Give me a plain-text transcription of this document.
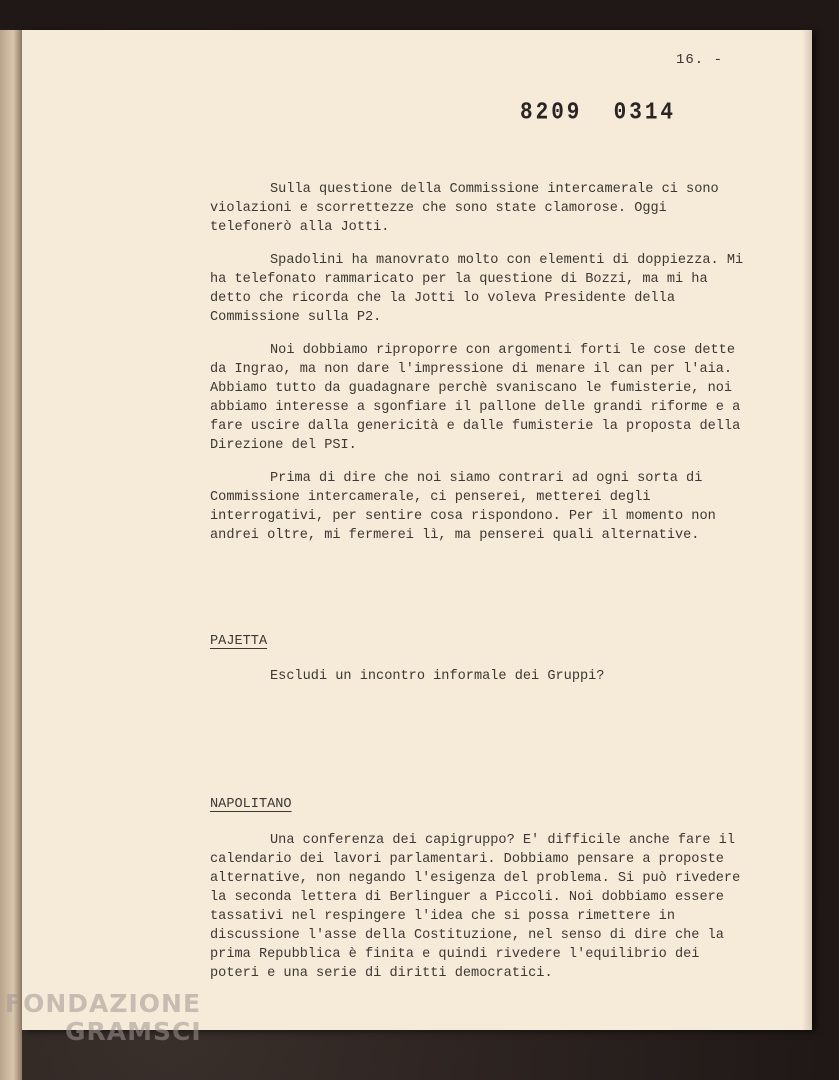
16. -
8209  0314

Sulla questione della Commissione intercamerale ci sono violazioni e scorrettezze che sono state clamorose. Oggi telefonerò alla Jotti.

Spadolini ha manovrato molto con elementi di doppiezza. Mi ha telefonato rammaricato per la questione di Bozzi, ma mi ha detto che ricorda che la Jotti lo voleva Presidente della Commissione sulla P2.

Noi dobbiamo riproporre con argomenti forti le cose dette da Ingrao, ma non dare l'impressione di menare il can per l'aia. Abbiamo tutto da guadagnare perchè svaniscano le fumisterie, noi abbiamo interesse a sgonfiare il pallone delle grandi riforme e a fare uscire dalla genericità e dalle fumisterie la proposta della Direzione del PSI.

Prima di dire che noi siamo contrari ad ogni sorta di Commissione intercamerale, ci penserei, metterei degli interrogativi, per sentire cosa rispondono. Per il momento non andrei oltre, mi fermerei lì, ma penserei quali alternative.

PAJETTA

Escludi un incontro informale dei Gruppi?

NAPOLITANO

Una conferenza dei capigruppo? E' difficile anche fare il calendario dei lavori parlamentari. Dobbiamo pensare a proposte alternative, non negando l'esigenza del problema. Si può rivedere la seconda lettera di Berlinguer a Piccoli. Noi dobbiamo essere tassativi nel respingere l'idea che si possa rimettere in discussione l'asse della Costituzione, nel senso di dire che la prima Repubblica è finita e quindi rivedere l'equilibrio dei poteri e una serie di diritti democratici.

FONDAZIONE
GRAMSCI
